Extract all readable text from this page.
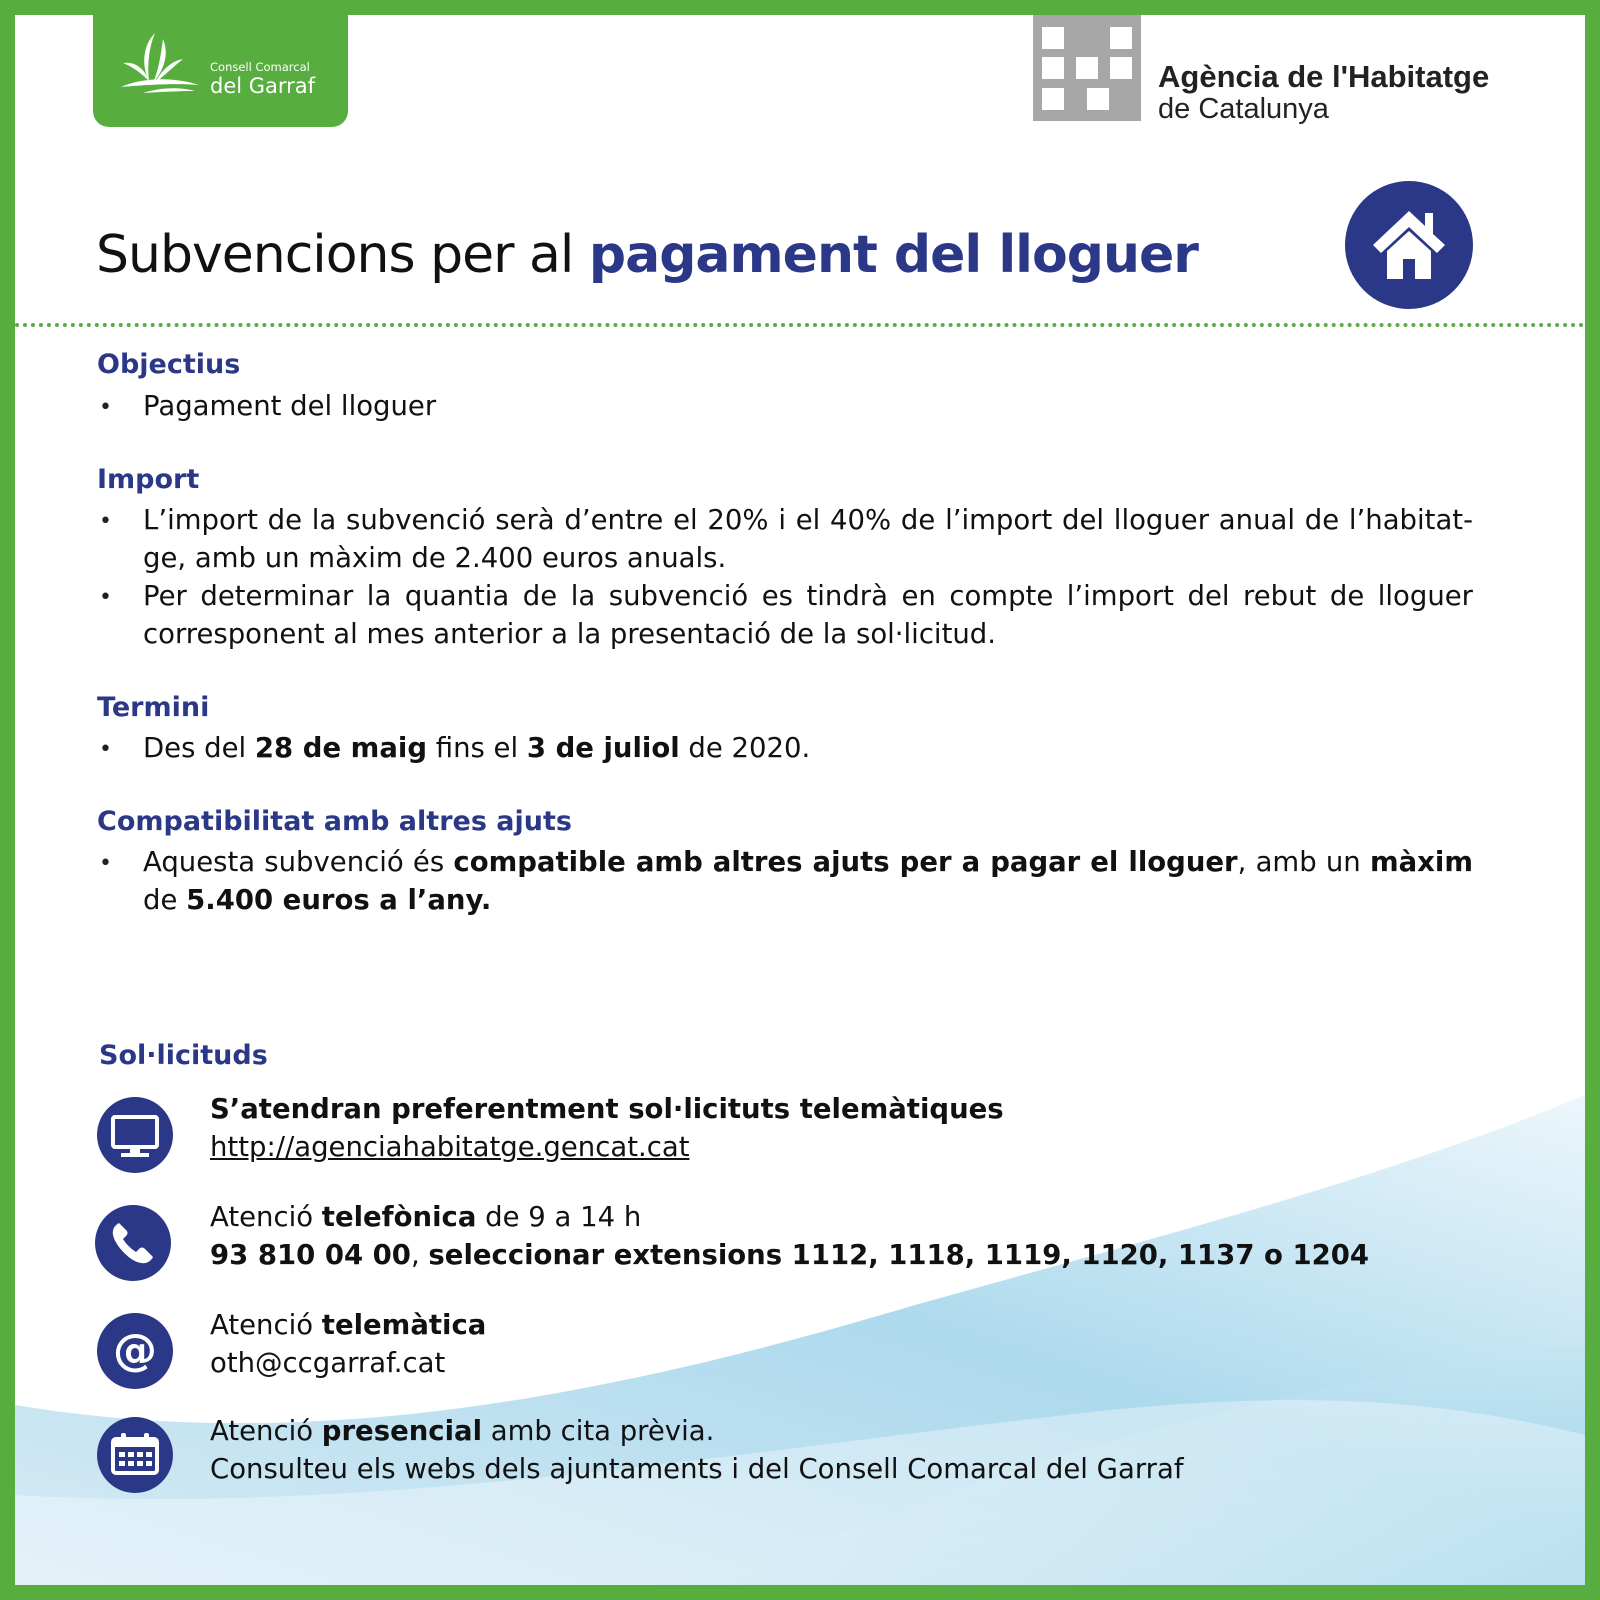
Consell Comarcal
del Garraf	Agència de l'Habitatge
de Catalunya
Subvencions per al pagament del lloguer
Objectius
• Pagament del lloguer
Import
• L’import de la subvenció serà d’entre el 20% i el 40% de l’import del lloguer anual de l’habitat-ge, amb un màxim de 2.400 euros anuals.
• Per determinar la quantia de la subvenció es tindrà en compte l’import del rebut de lloguer corresponent al mes anterior a la presentació de la sol·licitud.
Termini
• Des del 28 de maig fins el 3 de juliol de 2020.
Compatibilitat amb altres ajuts
• Aquesta subvenció és compatible amb altres ajuts per a pagar el lloguer, amb un màxim de 5.400 euros a l’any.
Sol·licituds
S’atendran preferentment sol·licituts telemàtiques
http://agenciahabitatge.gencat.cat
Atenció telefònica de 9 a 14 h
93 810 04 00, seleccionar extensions 1112, 1118, 1119, 1120, 1137 o 1204
@ Atenció telemàtica
oth@ccgarraf.cat
Atenció presencial amb cita prèvia.
Consulteu els webs dels ajuntaments i del Consell Comarcal del Garraf
